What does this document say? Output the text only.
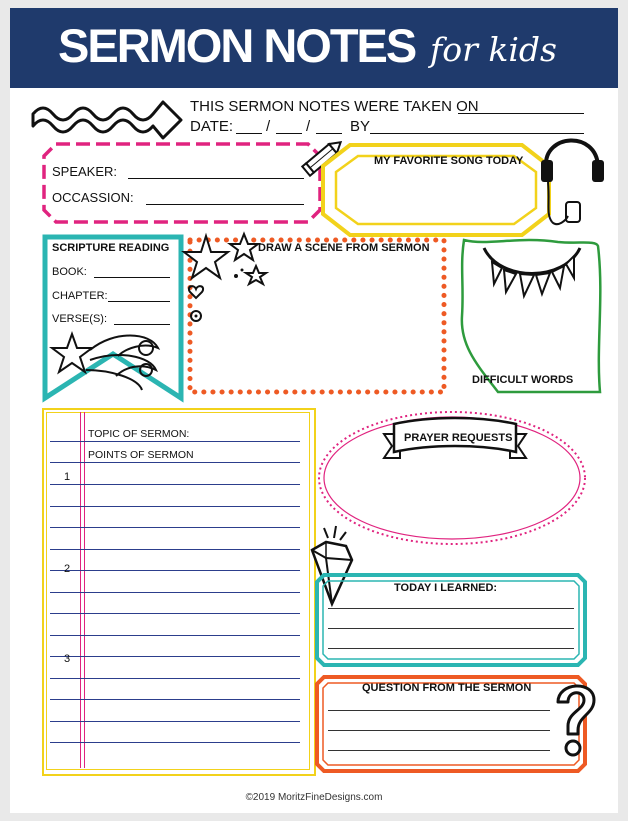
SERMON NOTES for kids
THIS SERMON NOTES WERE TAKEN ON
DATE: / /	BY
SPEAKER:
OCCASSION:
MY FAVORITE SONG TODAY
SCRIPTURE READING
BOOK:
CHAPTER:
VERSE(S):
DRAW A SCENE FROM SERMON
DIFFICULT WORDS
TOPIC OF SERMON:
POINTS OF SERMON
1
2
3
PRAYER REQUESTS
TODAY I LEARNED:
QUESTION FROM THE SERMON
©2019 MoritzFineDesigns.com
